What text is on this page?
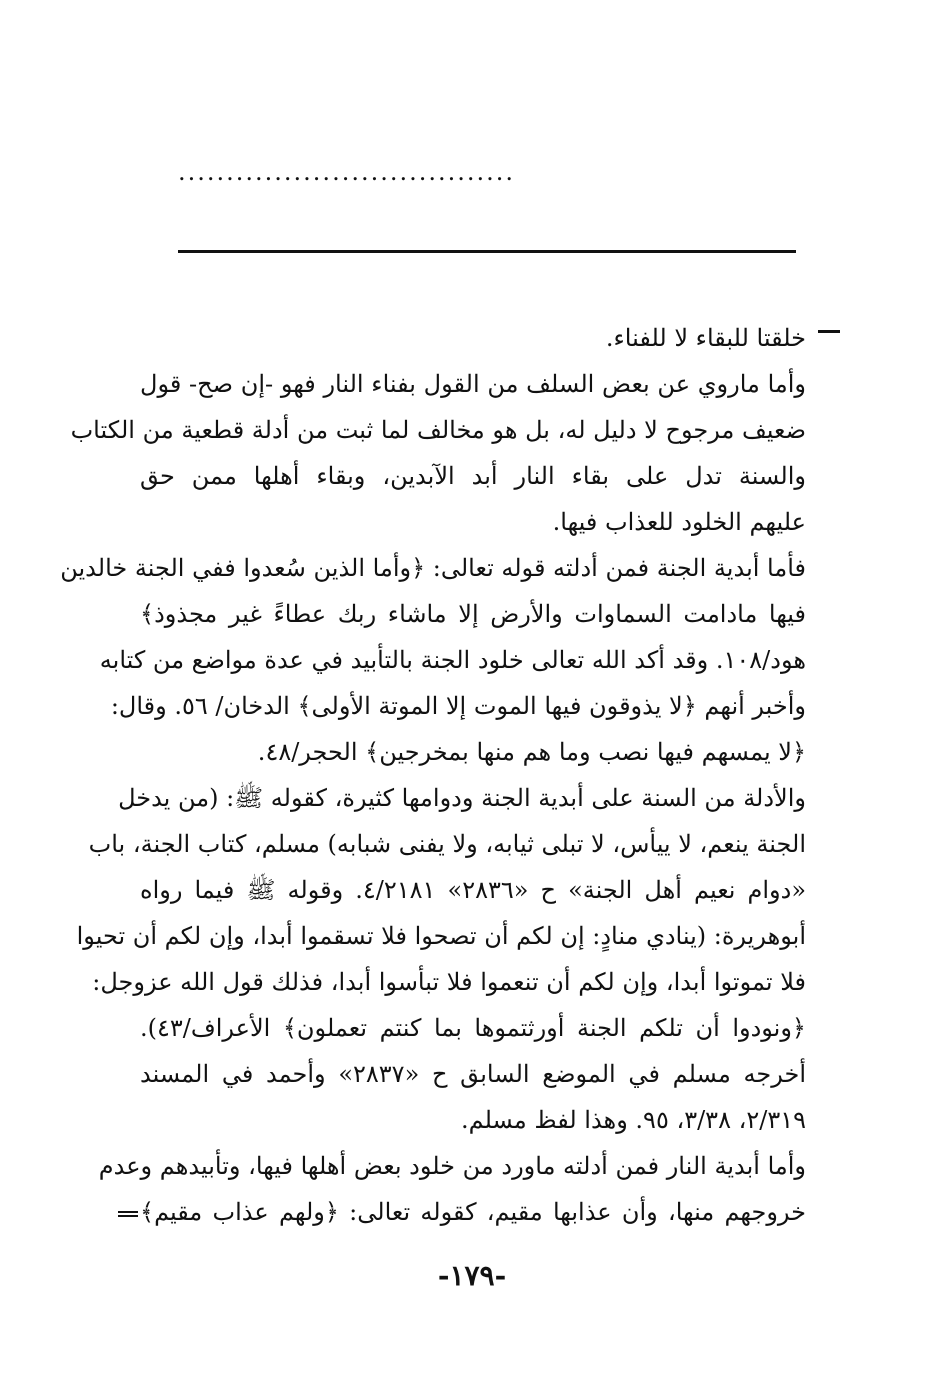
...................................
خلقتا للبقاء لا للفناء.
وأما ماروي عن بعض السلف من القول بفناء النار فهو -إن صح- قول
ضعيف مرجوح لا دليل له، بل هو مخالف لما ثبت من أدلة قطعية من الكتاب
والسنة تدل على بقاء النار أبد الآبدين، وبقاء أهلها ممن حق
عليهم الخلود للعذاب فيها.
فأما أبدية الجنة فمن أدلته قوله تعالى: ﴿وأما الذين سُعدوا ففي الجنة خالدين
فيها مادامت السماوات والأرض إلا ماشاء ربك عطاءً غير مجذوذ﴾
هود/١٠٨. وقد أكد الله تعالى خلود الجنة بالتأبيد في عدة مواضع من كتابه
وأخبر أنهم ﴿لا يذوقون فيها الموت إلا الموتة الأولى﴾ الدخان/ ٥٦. وقال:
﴿لا يمسهم فيها نصب وما هم منها بمخرجين﴾ الحجر/٤٨.
والأدلة من السنة على أبدية الجنة ودوامها كثيرة، كقوله ﷺ: (من يدخل
الجنة ينعم، لا ييأس، لا تبلى ثيابه، ولا يفنى شبابه) مسلم، كتاب الجنة، باب
«دوام نعيم أهل الجنة» ح «٢٨٣٦» ٤/٢١٨١. وقوله ﷺ فيما رواه
أبوهريرة: (ينادي منادٍ: إن لكم أن تصحوا فلا تسقموا أبدا، وإن لكم أن تحيوا
فلا تموتوا أبدا، وإن لكم أن تنعموا فلا تبأسوا أبدا، فذلك قول الله عزوجل:
﴿ونودوا أن تلكم الجنة أورثتموها بما كنتم تعملون﴾ الأعراف/٤٣).
أخرجه مسلم في الموضع السابق ح «٢٨٣٧» وأحمد في المسند
٢/٣١٩، ٣/٣٨، ٩٥. وهذا لفظ مسلم.
وأما أبدية النار فمن أدلته ماورد من خلود بعض أهلها فيها، وتأبيدهم وعدم
خروجهم منها، وأن عذابها مقيم، كقوله تعالى: ﴿ولهم عذاب مقيم﴾
-١٧٩-
